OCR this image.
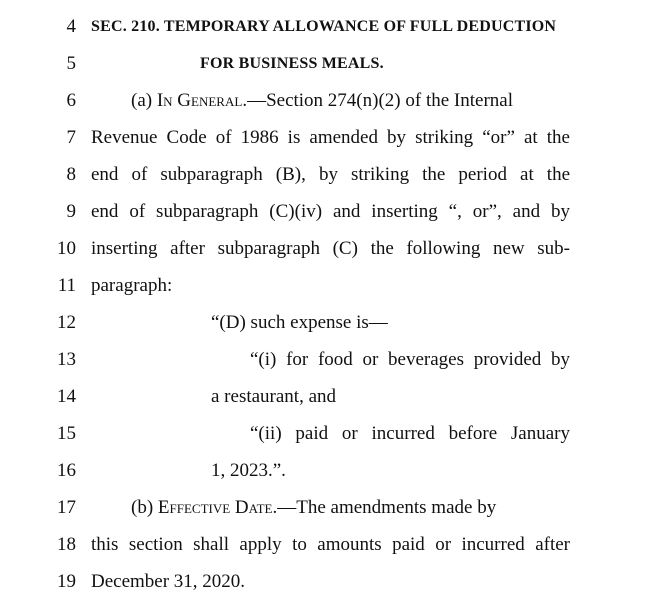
4 SEC. 210. TEMPORARY ALLOWANCE OF FULL DEDUCTION
5	FOR BUSINESS MEALS.
6	(a) In General.—Section 274(n)(2) of the Internal
7 Revenue Code of 1986 is amended by striking “or” at the
8 end of subparagraph (B), by striking the period at the
9 end of subparagraph (C)(iv) and inserting “, or”, and by
10 inserting after subparagraph (C) the following new sub-
11 paragraph:
12	“(D) such expense is—
13	“(i) for food or beverages provided by
14	a restaurant, and
15	“(ii) paid or incurred before January
16	1, 2023.”.
17	(b) Effective Date.—The amendments made by
18 this section shall apply to amounts paid or incurred after
19 December 31, 2020.
